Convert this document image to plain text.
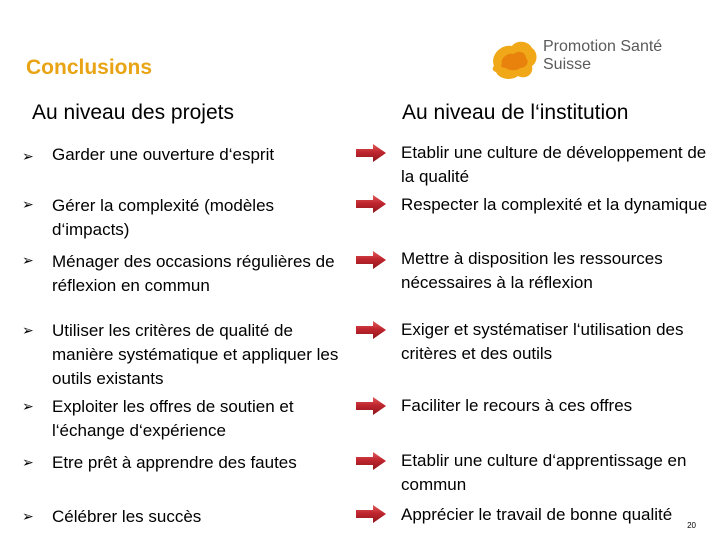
Conclusions
Promotion Santé
Suisse
Au niveau des projets	Au niveau de l‘institution
➢
➢
➢
➢
➢
➢
➢
Garder une ouverture d‘esprit
Gérer la complexité (modèles d‘impacts)
Ménager des occasions régulières de réflexion en commun
Utiliser les critères de qualité de manière systématique et appliquer les outils existants
Exploiter les offres de soutien et l‘échange d‘expérience
Etre prêt à apprendre des fautes
Célébrer les succès
Etablir une culture de développement de la qualité
Respecter la complexité et la dynamique
Mettre à disposition les ressources nécessaires à la réflexion
Exiger et systématiser l‘utilisation des critères et des outils
Faciliter le recours à ces offres
Etablir une culture d‘apprentissage en commun
Apprécier le travail de bonne qualité
20
